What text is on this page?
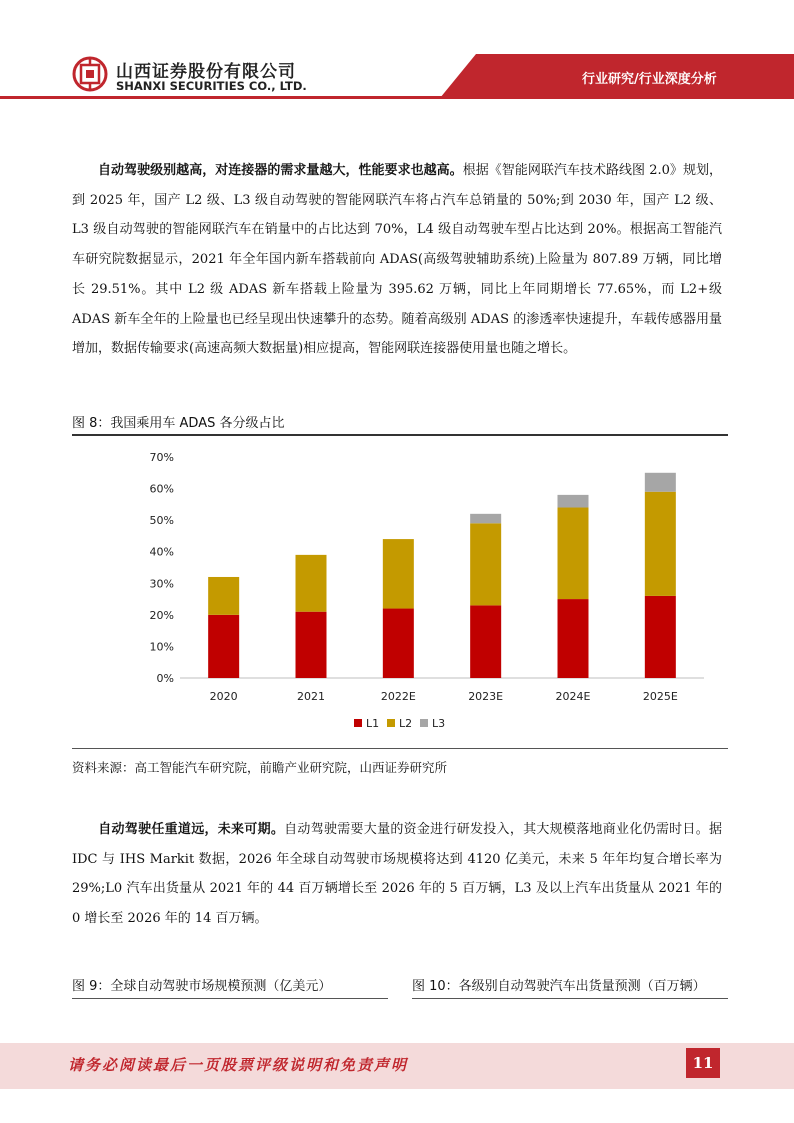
山西证券股份有限公司
SHANXI SECURITIES CO., LTD.	行业研究/行业深度分析
自动驾驶级别越高，对连接器的需求量越大，性能要求也越高。根据《智能网联汽车技术路线图 2.0》规划，到 2025 年，国产 L2 级、L3 级自动驾驶的智能网联汽车将占汽车总销量的 50%;到 2030 年，国产 L2 级、L3 级自动驾驶的智能网联汽车在销量中的占比达到 70%，L4 级自动驾驶车型占比达到 20%。根据高工智能汽车研究院数据显示，2021 年全年国内新车搭载前向 ADAS(高级驾驶辅助系统)上险量为 807.89 万辆，同比增长 29.51%。其中 L2 级 ADAS 新车搭载上险量为 395.62 万辆，同比上年同期增长 77.65%，而 L2+级 ADAS 新车全年的上险量也已经呈现出快速攀升的态势。随着高级别 ADAS 的渗透率快速提升，车载传感器用量增加，数据传输要求(高速高频大数据量)相应提高，智能网联连接器使用量也随之增长。
图 8：我国乘用车 ADAS 各分级占比
0%
10%
20%
30%
40%
50%
60%
70%
2020	2021	2022E	2023E	2024E	2025E
L1 L2 L3
资料来源：高工智能汽车研究院，前瞻产业研究院，山西证券研究所
自动驾驶任重道远，未来可期。自动驾驶需要大量的资金进行研发投入，其大规模落地商业化仍需时日。据 IDC 与 IHS Markit 数据，2026 年全球自动驾驶市场规模将达到 4120 亿美元，未来 5 年年均复合增长率为 29%;L0 汽车出货量从 2021 年的 44 百万辆增长至 2026 年的 5 百万辆，L3 及以上汽车出货量从 2021 年的 0 增长至 2026 年的 14 百万辆。
图 9：全球自动驾驶市场规模预测（亿美元）	图 10：各级别自动驾驶汽车出货量预测（百万辆）
请务必阅读最后一页股票评级说明和免责声明	11
